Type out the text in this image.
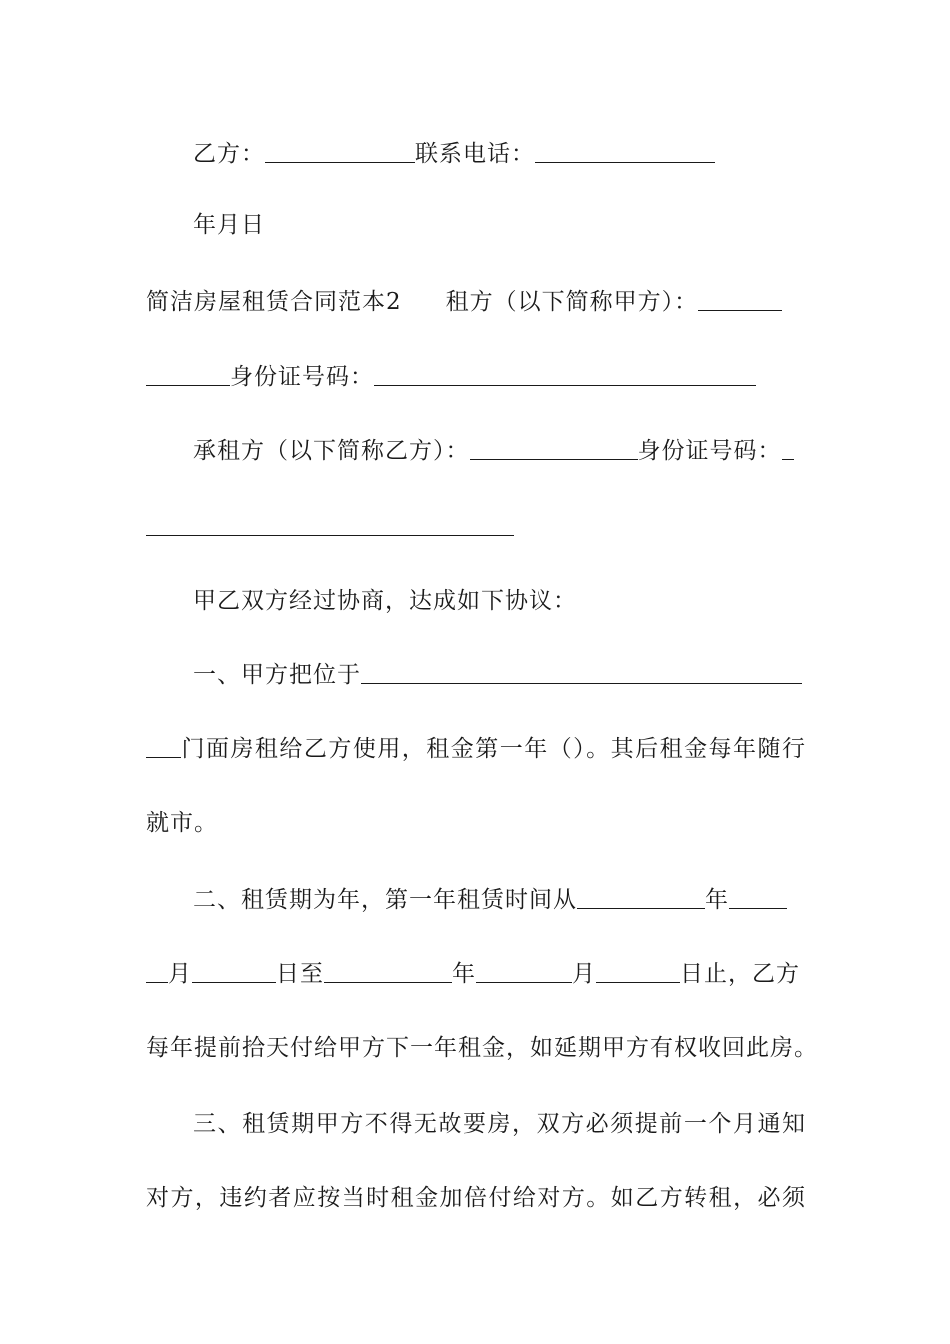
乙方：	联系电话：
年月日
简洁房屋租赁合同范本2 租方（以下简称甲方）：
身份证号码：
承租方（以下简称乙方）：	身份证号码：
甲乙双方经过协商，达成如下协议：
一、甲方把位于
门面房租给乙方使用，租金第一年（）。其后租金每年随行
就市。
二、租赁期为年，第一年租赁时间从	年
月	日至	年	月	日止，乙方
每年提前拾天付给甲方下一年租金，如延期甲方有权收回此房。
三、租赁期甲方不得无故要房，双方必须提前一个月通知
对方，违约者应按当时租金加倍付给对方。如乙方转租，必须
